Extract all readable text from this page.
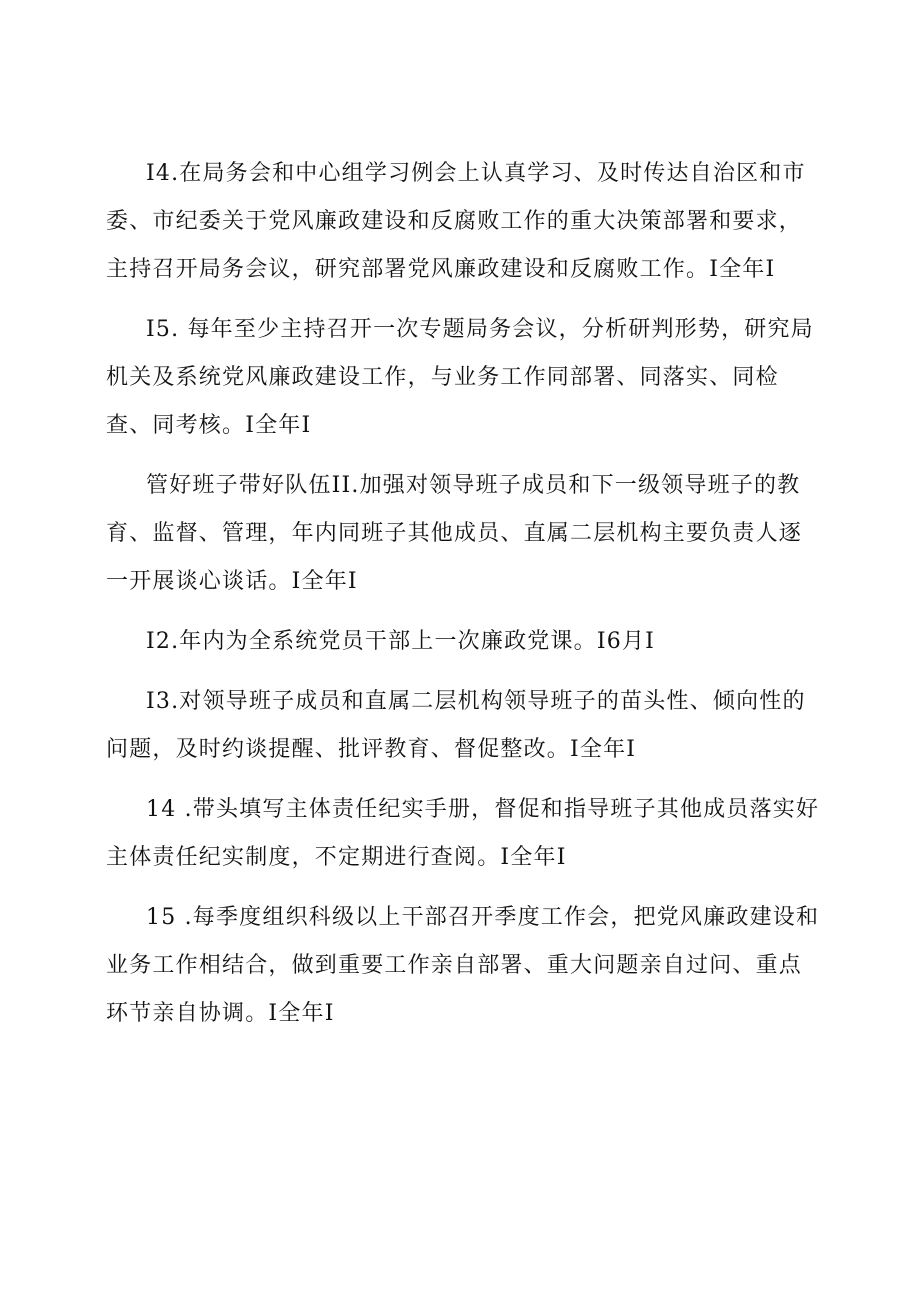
I4.在局务会和中心组学习例会上认真学习、及时传达自治区和市
委、市纪委关于党风廉政建设和反腐败工作的重大决策部署和要求，
主持召开局务会议，研究部署党风廉政建设和反腐败工作。I全年I

I5. 每年至少主持召开一次专题局务会议，分析研判形势，研究局
机关及系统党风廉政建设工作，与业务工作同部署、同落实、同检
查、同考核。I全年I

管好班子带好队伍II.加强对领导班子成员和下一级领导班子的教
育、监督、管理，年内同班子其他成员、直属二层机构主要负责人逐
一开展谈心谈话。I全年I

I2.年内为全系统党员干部上一次廉政党课。I6月I

I3.对领导班子成员和直属二层机构领导班子的苗头性、倾向性的
问题，及时约谈提醒、批评教育、督促整改。I全年I

14 .带头填写主体责任纪实手册，督促和指导班子其他成员落实好
主体责任纪实制度，不定期进行查阅。I全年I

15 .每季度组织科级以上干部召开季度工作会，把党风廉政建设和
业务工作相结合，做到重要工作亲自部署、重大问题亲自过问、重点
环节亲自协调。I全年I
